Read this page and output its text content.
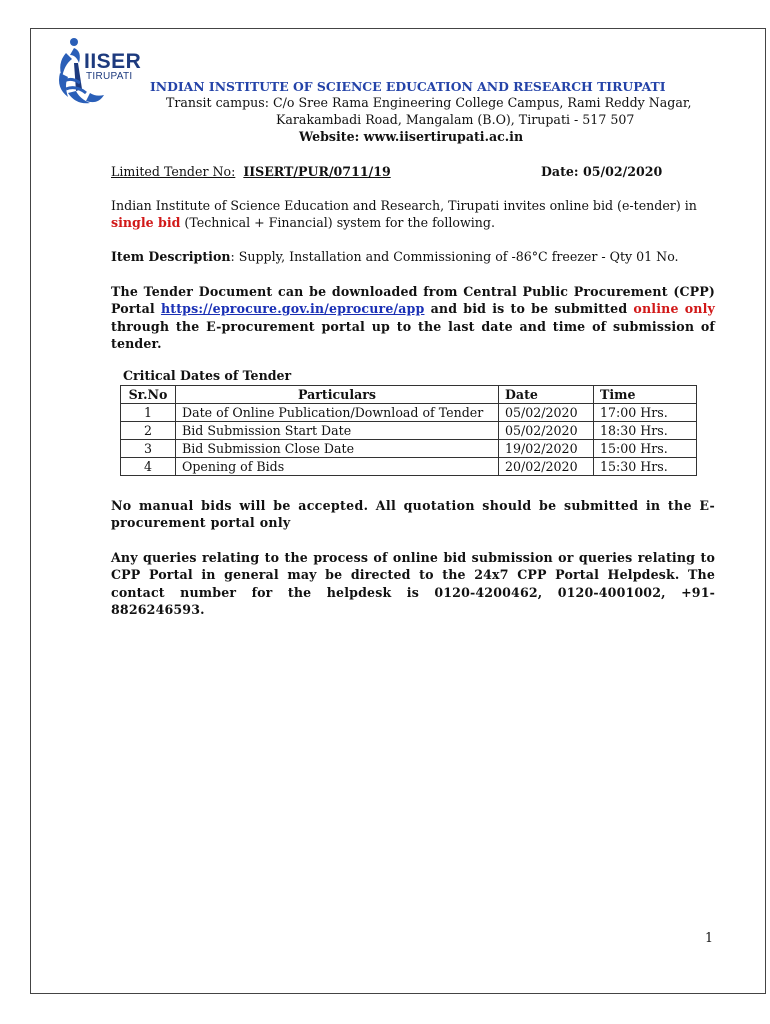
IISER
TIRUPATI
INDIAN INSTITUTE OF SCIENCE EDUCATION AND RESEARCH TIRUPATI
Transit campus: C/o Sree Rama Engineering College Campus, Rami Reddy Nagar,
Karakambadi Road, Mangalam (B.O), Tirupati - 517 507
Website: www.iisertirupati.ac.in
Limited Tender No: IISERT/PUR/0711/19	Date: 05/02/2020
Indian Institute of Science Education and Research, Tirupati invites online bid (e-tender) in single bid (Technical + Financial) system for the following.
Item Description: Supply, Installation and Commissioning of -86°C freezer - Qty 01 No.
The Tender Document can be downloaded from Central Public Procurement (CPP) Portal https://eprocure.gov.in/eprocure/app and bid is to be submitted online only through the E-procurement portal up to the last date and time of submission of tender.
Critical Dates of Tender
Sr.No	Particulars	Date	Time
1	Date of Online Publication/Download of Tender	05/02/2020	17:00 Hrs.
2	Bid Submission Start Date	05/02/2020	18:30 Hrs.
3	Bid Submission Close Date	19/02/2020	15:00 Hrs.
4	Opening of Bids	20/02/2020	15:30 Hrs.
No manual bids will be accepted. All quotation should be submitted in the E-procurement portal only
Any queries relating to the process of online bid submission or queries relating to CPP Portal in general may be directed to the 24x7 CPP Portal Helpdesk. The contact number for the helpdesk is 0120-4200462, 0120-4001002, +91-8826246593.
1
